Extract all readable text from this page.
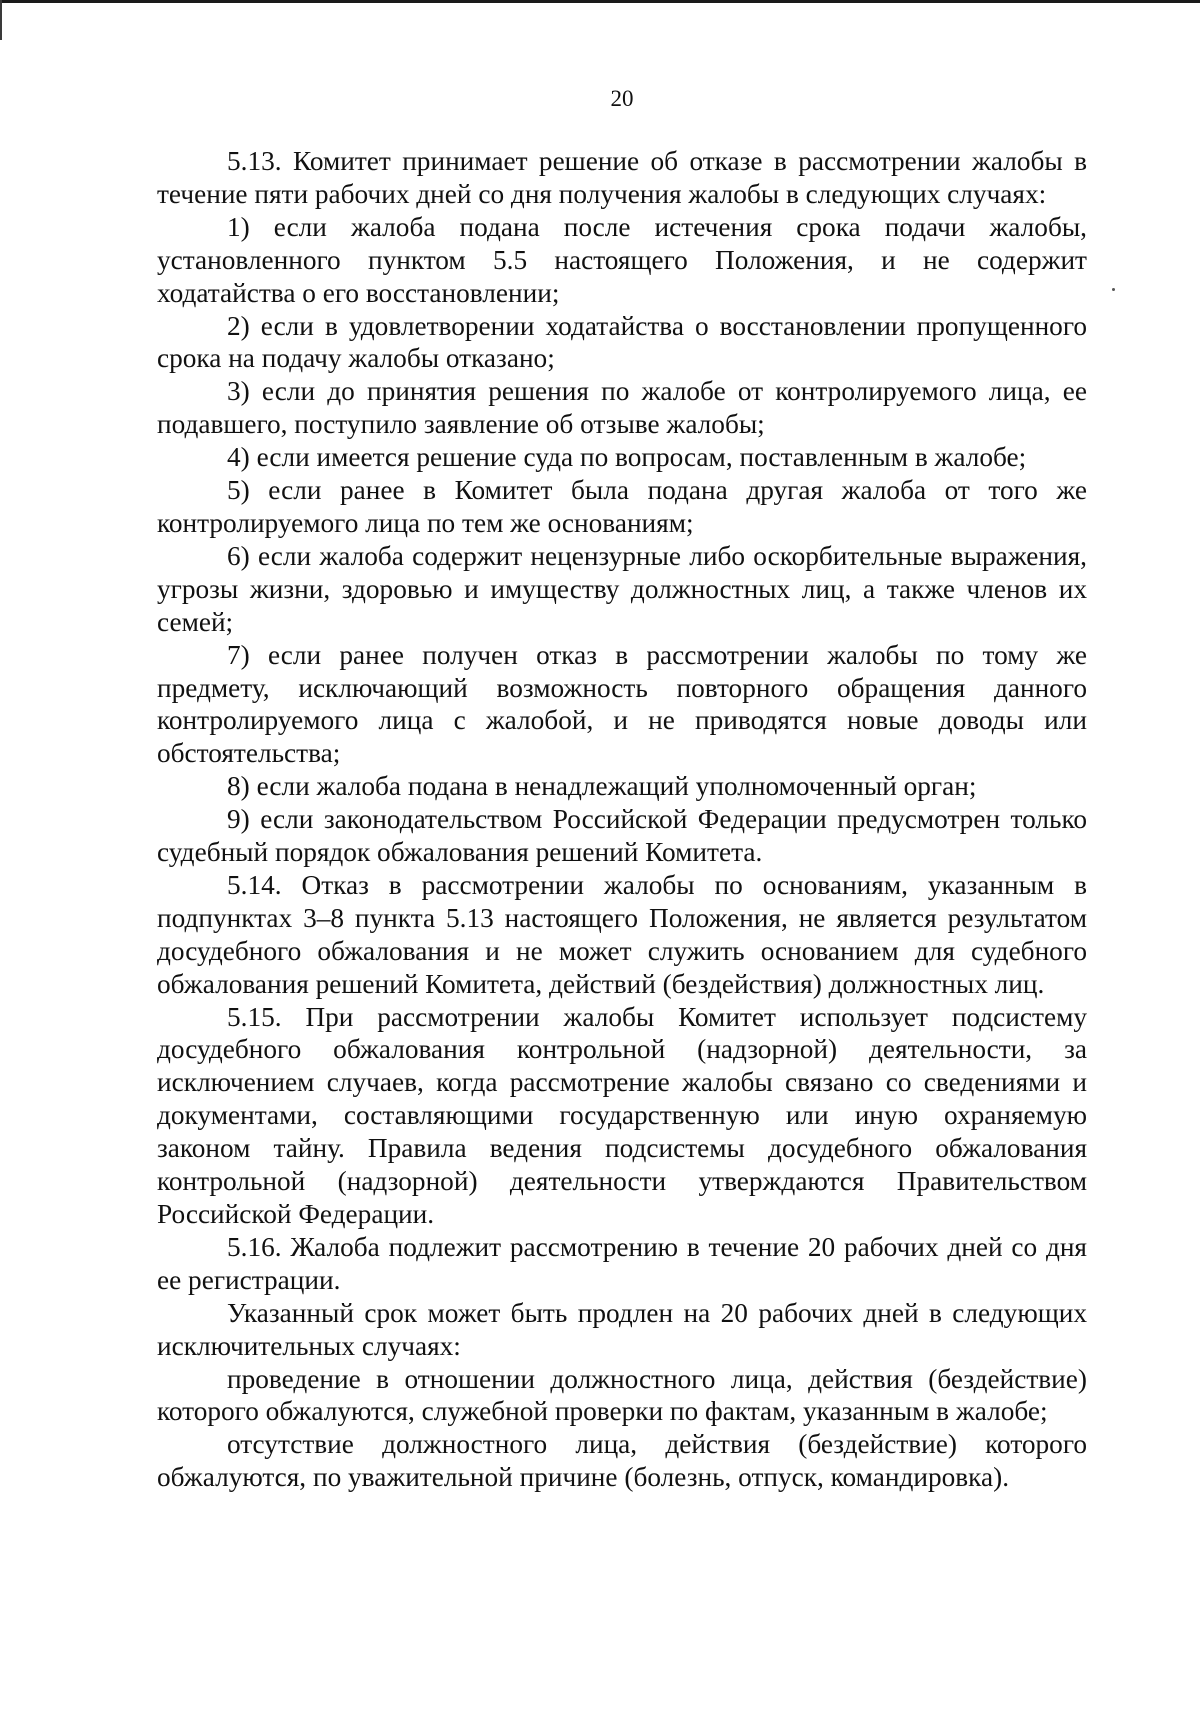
20

5.13. Комитет принимает решение об отказе в рассмотрении жалобы в течение пяти рабочих дней со дня получения жалобы в следующих случаях:

1) если жалоба подана после истечения срока подачи жалобы, установленного пунктом 5.5 настоящего Положения, и не содержит ходатайства о его восстановлении;

2) если в удовлетворении ходатайства о восстановлении пропущенного срока на подачу жалобы отказано;

3) если до принятия решения по жалобе от контролируемого лица, ее подавшего, поступило заявление об отзыве жалобы;

4) если имеется решение суда по вопросам, поставленным в жалобе;

5) если ранее в Комитет была подана другая жалоба от того же контролируемого лица по тем же основаниям;

6) если жалоба содержит нецензурные либо оскорбительные выражения, угрозы жизни, здоровью и имуществу должностных лиц, а также членов их семей;

7) если ранее получен отказ в рассмотрении жалобы по тому же предмету, исключающий возможность повторного обращения данного контролируемого лица с жалобой, и не приводятся новые доводы или обстоятельства;

8) если жалоба подана в ненадлежащий уполномоченный орган;

9) если законодательством Российской Федерации предусмотрен только судебный порядок обжалования решений Комитета.

5.14. Отказ в рассмотрении жалобы по основаниям, указанным в подпунктах 3–8 пункта 5.13 настоящего Положения, не является результатом досудебного обжалования и не может служить основанием для судебного обжалования решений Комитета, действий (бездействия) должностных лиц.

5.15. При рассмотрении жалобы Комитет использует подсистему досудебного обжалования контрольной (надзорной) деятельности, за исключением случаев, когда рассмотрение жалобы связано со сведениями и документами, составляющими государственную или иную охраняемую законом тайну. Правила ведения подсистемы досудебного обжалования контрольной (надзорной) деятельности утверждаются Правительством Российской Федерации.

5.16. Жалоба подлежит рассмотрению в течение 20 рабочих дней со дня ее регистрации.

Указанный срок может быть продлен на 20 рабочих дней в следующих исключительных случаях:

проведение в отношении должностного лица, действия (бездействие) которого обжалуются, служебной проверки по фактам, указанным в жалобе;

отсутствие должностного лица, действия (бездействие) которого обжалуются, по уважительной причине (болезнь, отпуск, командировка).
